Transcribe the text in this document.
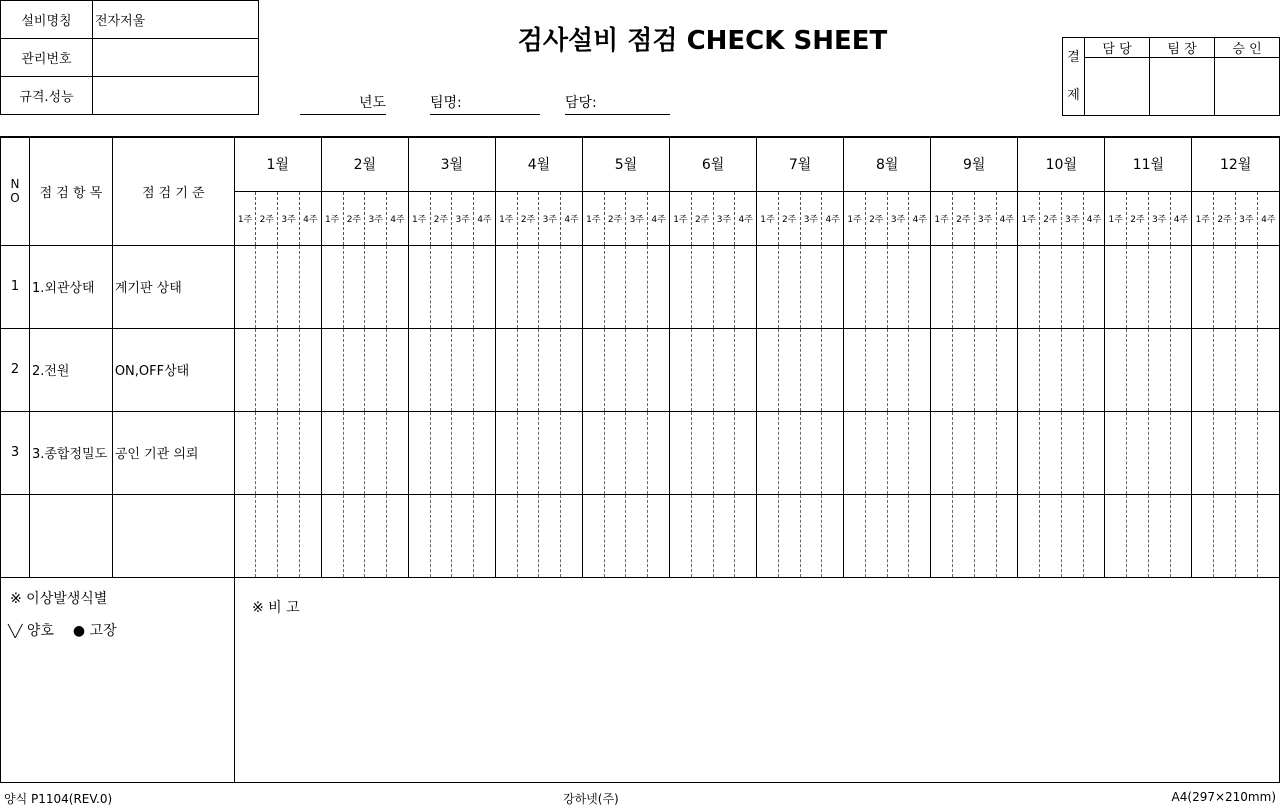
설비명칭	전자저울
관리번호	
규격.성능	
검사설비 점검 CHECK SHEET
년도	팀명:	담당:
결
제	담 당	팀 장	승 인

N
O	점 검 항 목	점 검 기 준	1월				2월				3월				4월				5월				6월				7월				8월				9월				10월				11월				12월			
			1주	2주	3주	4주	1주	2주	3주	4주	1주	2주	3주	4주	1주	2주	3주	4주	1주	2주	3주	4주	1주	2주	3주	4주	1주	2주	3주	4주	1주	2주	3주	4주	1주	2주	3주	4주	1주	2주	3주	4주	1주	2주	3주	4주	1주	2주	3주	4주
1	1.외관상태	계기판 상태																																																
2	2.전원	ON,OFF상태																																																
3	3.종합정밀도	공인 기관 의뢰																																																

※ 이상발생식별
╲╱ 양호 ● 고장
※ 비 고
양식 P1104(REV.0)	강하넷(주)	A4(297×210mm)
